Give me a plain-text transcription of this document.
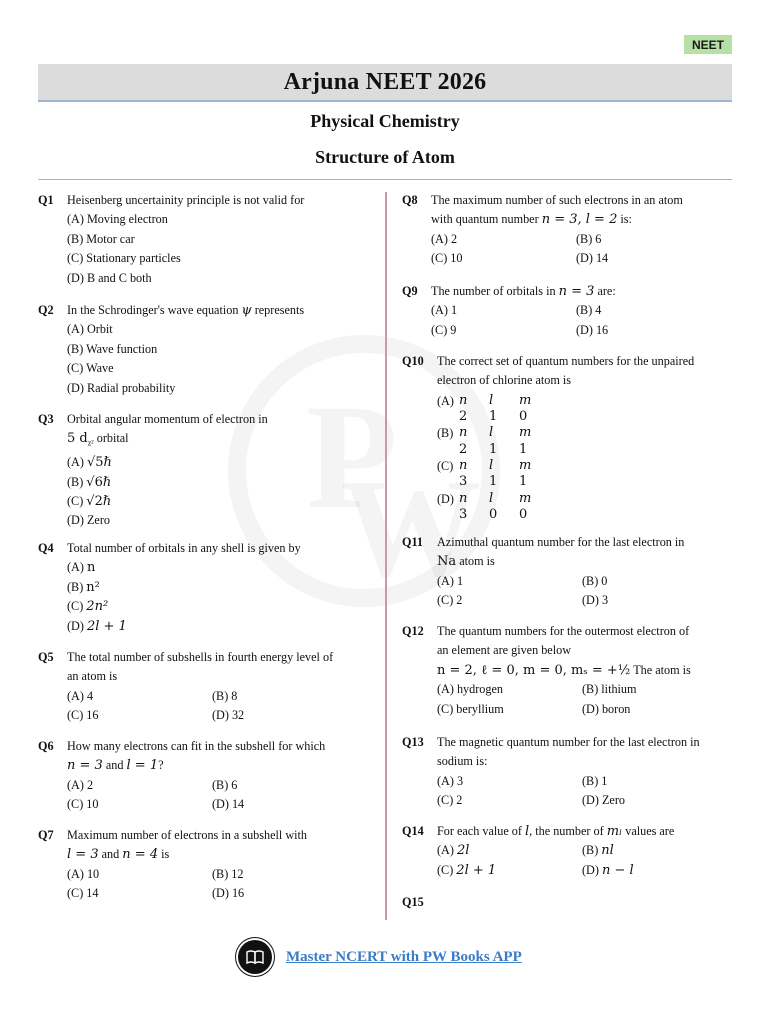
NEET
Arjuna NEET 2026
Physical Chemistry
Structure of Atom
Q1 Heisenberg uncertainity principle is not valid for
(A) Moving electron
(B) Motor car
(C) Stationary particles
(D) B and C both
Q2 In the Schrodinger's wave equation ψ represents
(A) Orbit
(B) Wave function
(C) Wave
(D) Radial probability
Q3 Orbital angular momentum of electron in
5 $d_{z^2}$ orbital
(A) √5ℏ
(B) √6ℏ
(C) √2ℏ
(D) Zero
Q4 Total number of orbitals in any shell is given by
(A) n
(B) n²
(C) 2n²
(D) 2l + 1
Q5 The total number of subshells in fourth energy level of
an atom is
(A) 4	(B) 8
(C) 16	(D) 32
Q6 How many electrons can fit in the subshell for which
n = 3 and l = 1?
(A) 2	(B) 6
(C) 10	(D) 14
Q7 Maximum number of electrons in a subshell with
l = 3 and n = 4 is
(A) 10	(B) 12
(C) 14	(D) 16
Q8 The maximum number of such electrons in an atom
with quantum number n = 3, l = 2 is:
(A) 2	(B) 6
(C) 10	(D) 14
Q9 The number of orbitals in n = 3 are:
(A) 1	(B) 4
(C) 9	(D) 16
Q10 The correct set of quantum numbers for the unpaired
electron of chlorine atom is
(A) n	l	m
2	1	0
(B) n	l	m
2	1	1
(C) n	l	m
3	1	1
(D) n	l	m
3	0	0
Q11 Azimuthal quantum number for the last electron in
Na atom is
(A) 1	(B) 0
(C) 2	(D) 3
Q12 The quantum numbers for the outermost electron of
an element are given below
n = 2, ℓ = 0, m = 0, mₛ = +½ The atom is
(A) hydrogen	(B) lithium
(C) beryllium	(D) boron
Q13 The magnetic quantum number for the last electron in
sodium is:
(A) 3	(B) 1
(C) 2	(D) Zero
Q14 For each value of l, the number of mₗ values are
(A) 2l	(B) nl
(C) 2l + 1	(D) n − l
Q15
Master NCERT with PW Books APP
